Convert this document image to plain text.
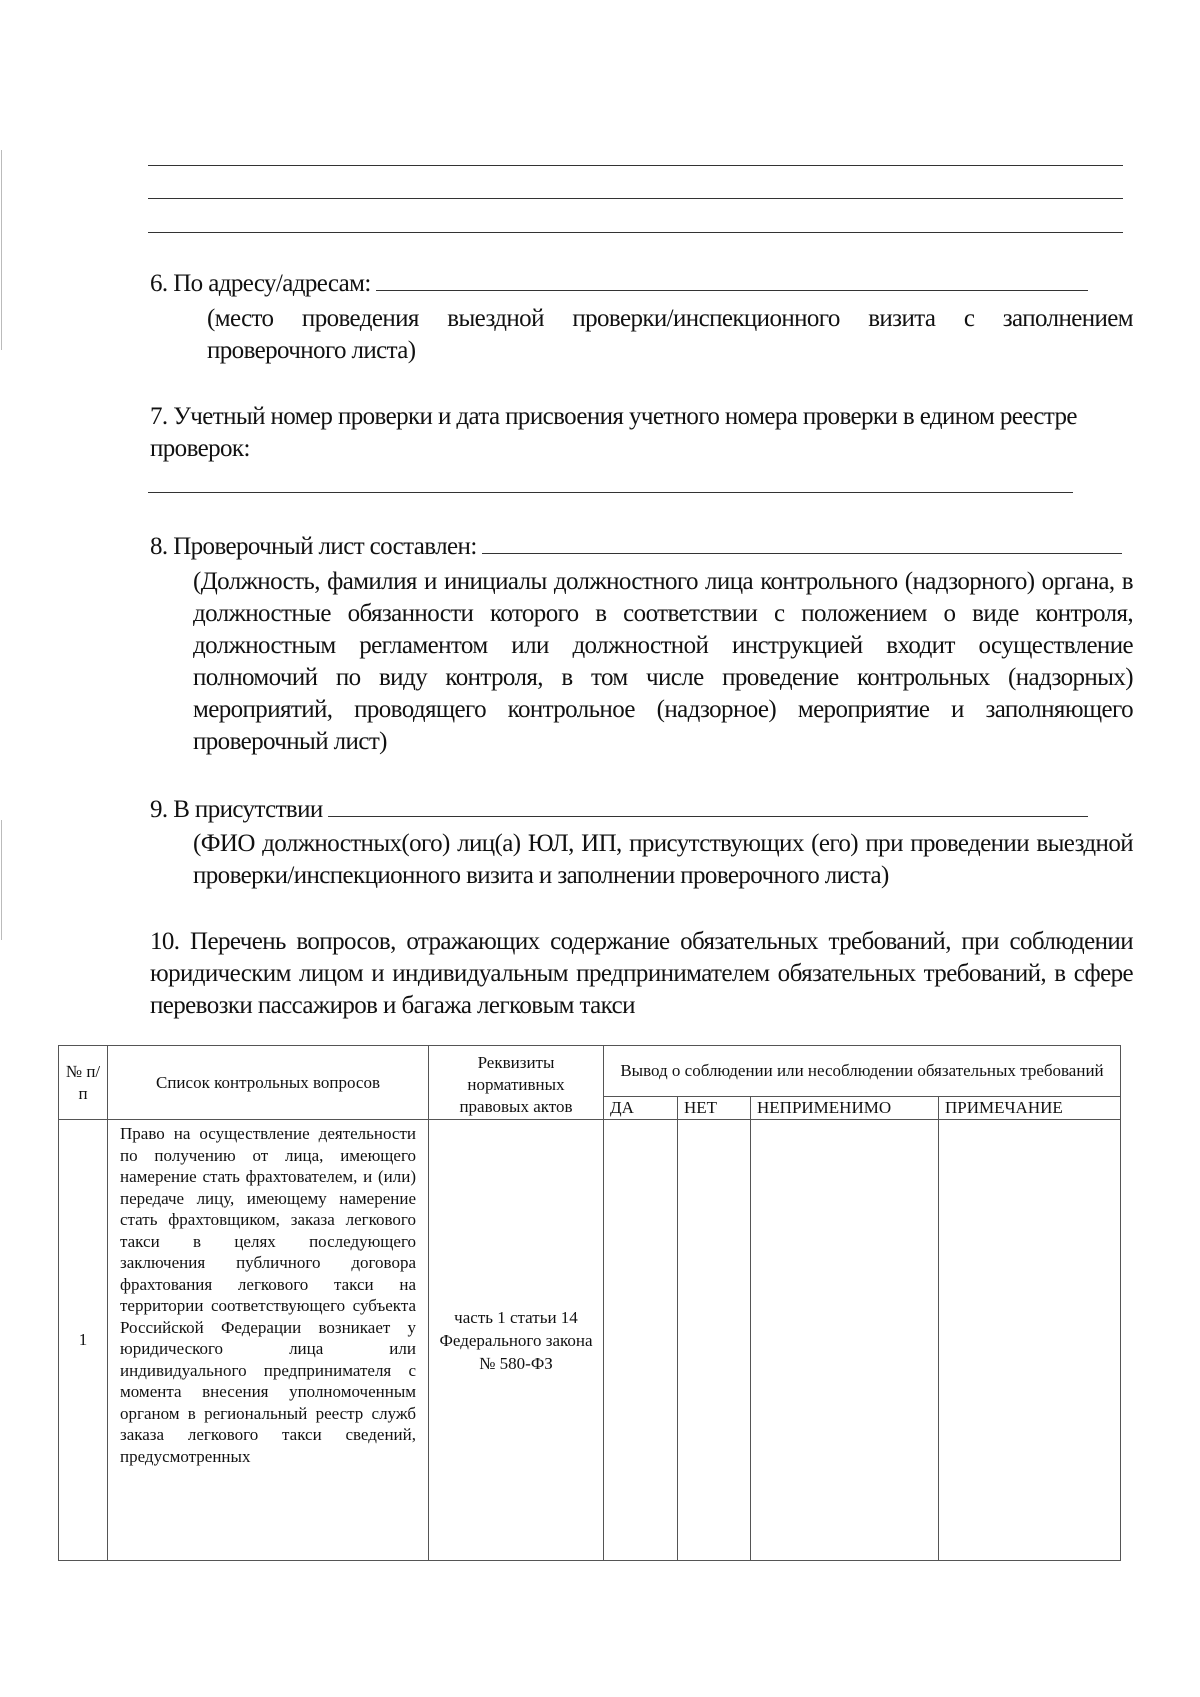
6. По адресу/адресам:
(место проведения выездной проверки/инспекционного визита с заполнением проверочного листа)
7. Учетный номер проверки и дата присвоения учетного номера проверки в едином реестре проверок:
8. Проверочный лист составлен:
(Должность, фамилия и инициалы должностного лица контрольного (надзорного) органа, в должностные обязанности которого в соответствии с положением о виде контроля, должностным регламентом или должностной инструкцией входит осуществление полномочий по виду контроля, в том числе проведение контрольных (надзорных) мероприятий, проводящего контрольное (надзорное) мероприятие и заполняющего проверочный лист)
9. В присутствии
(ФИО должностных(ого) лиц(а) ЮЛ, ИП, присутствующих (его) при проведении выездной проверки/инспекционного визита и заполнении проверочного листа)
10. Перечень вопросов, отражающих содержание обязательных требований, при соблюдении юридическим лицом и индивидуальным предпринимателем обязательных требований, в сфере перевозки пассажиров и багажа легковым такси
№ п/п	Список контрольных вопросов	Реквизиты нормативных правовых актов	Вывод о соблюдении или несоблюдении обязательных требований			
			ДА	НЕТ	НЕПРИМЕНИМО	ПРИМЕЧАНИЕ
1	Право на осуществление деятельности по получению от лица, имеющего намерение стать фрахтователем, и (или) передаче лицу, имеющему намерение стать фрахтовщиком, заказа легкового такси в целях последующего заключения публичного договора фрахтования легкового такси на территории соответствующего субъекта Российской Федерации возникает у юридического лица или индивидуального предпринимателя с момента внесения уполномоченным органом в региональный реестр служб заказа легкового такси сведений, предусмотренных	часть 1 статьи 14 Федерального закона № 580-ФЗ				
